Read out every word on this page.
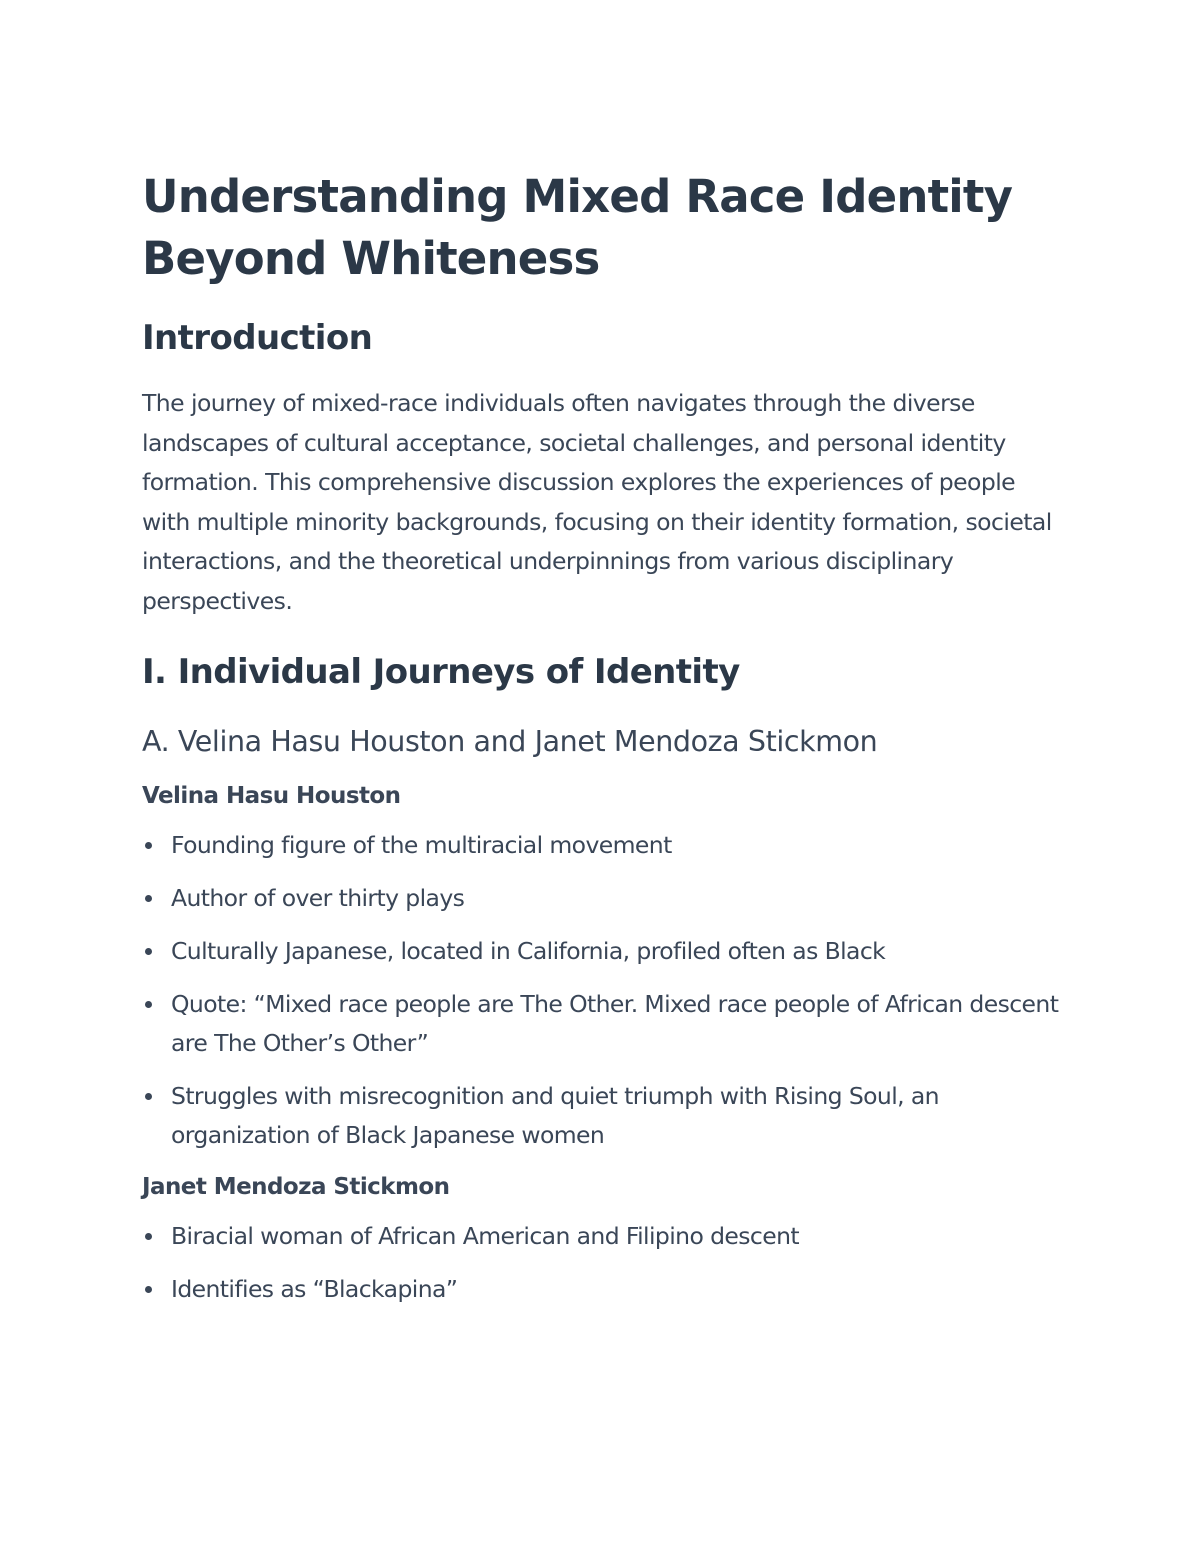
Understanding Mixed Race Identity Beyond Whiteness
Introduction

The journey of mixed-race individuals often navigates through the diverse landscapes of cultural acceptance, societal challenges, and personal identity formation. This comprehensive discussion explores the experiences of people with multiple minority backgrounds, focusing on their identity formation, societal interactions, and the theoretical underpinnings from various disciplinary perspectives.

I. Individual Journeys of Identity
A. Velina Hasu Houston and Janet Mendoza Stickmon
Velina Hasu Houston
Founding figure of the multiracial movement
Author of over thirty plays
Culturally Japanese, located in California, profiled often as Black
Quote: “Mixed race people are The Other. Mixed race people of African descent are The Other’s Other”
Struggles with misrecognition and quiet triumph with Rising Soul, an organization of Black Japanese women
Janet Mendoza Stickmon
Biracial woman of African American and Filipino descent
Identifies as “Blackapina”
